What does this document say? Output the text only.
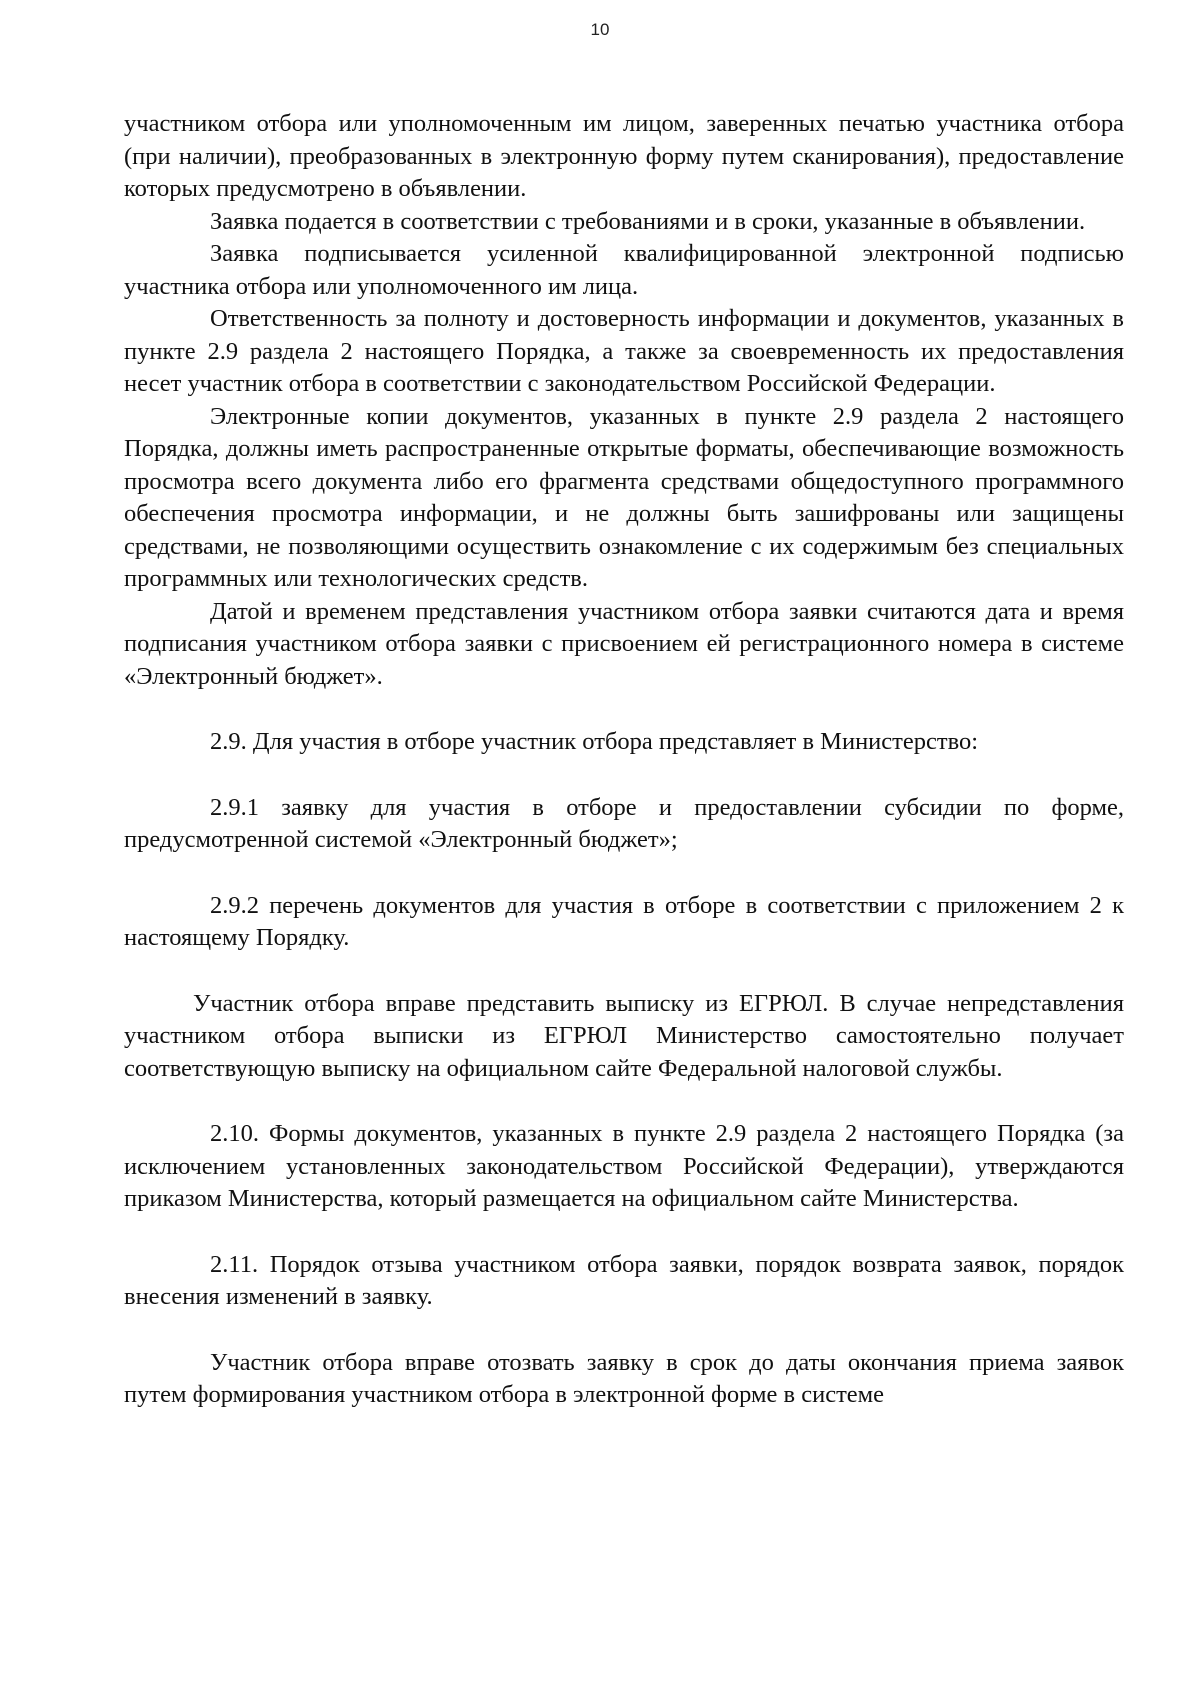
10

участником отбора или уполномоченным им лицом, заверенных печатью участника отбора (при наличии), преобразованных в электронную форму путем сканирования), предоставление которых предусмотрено в объявлении.

Заявка подается в соответствии с требованиями и в сроки, указанные в объявлении.

Заявка подписывается усиленной квалифицированной электронной подписью участника отбора или уполномоченного им лица.

Ответственность за полноту и достоверность информации и документов, указанных в пункте 2.9 раздела 2 настоящего Порядка, а также за своевременность их предоставления несет участник отбора в соответствии с законодательством Российской Федерации.

Электронные копии документов, указанных в пункте 2.9 раздела 2 настоящего Порядка, должны иметь распространенные открытые форматы, обеспечивающие возможность просмотра всего документа либо его фрагмента средствами общедоступного программного обеспечения просмотра информации, и не должны быть зашифрованы или защищены средствами, не позволяющими осуществить ознакомление с их содержимым без специальных программных или технологических средств.

Датой и временем представления участником отбора заявки считаются дата и время подписания участником отбора заявки с присвоением ей регистрационного номера в системе «Электронный бюджет».

2.9. Для участия в отборе участник отбора представляет в Министерство:

2.9.1 заявку для участия в отборе и предоставлении субсидии по форме, предусмотренной системой «Электронный бюджет»;

2.9.2 перечень документов для участия в отборе в соответствии с приложением 2 к настоящему Порядку.

Участник отбора вправе представить выписку из ЕГРЮЛ. В случае непредставления участником отбора выписки из ЕГРЮЛ Министерство самостоятельно получает соответствующую выписку на официальном сайте Федеральной налоговой службы.

2.10. Формы документов, указанных в пункте 2.9 раздела 2 настоящего Порядка (за исключением установленных законодательством Российской Федерации), утверждаются приказом Министерства, который размещается на официальном сайте Министерства.

2.11. Порядок отзыва участником отбора заявки, порядок возврата заявок, порядок внесения изменений в заявку.

Участник отбора вправе отозвать заявку в срок до даты окончания приема заявок путем формирования участником отбора в электронной форме в системе
